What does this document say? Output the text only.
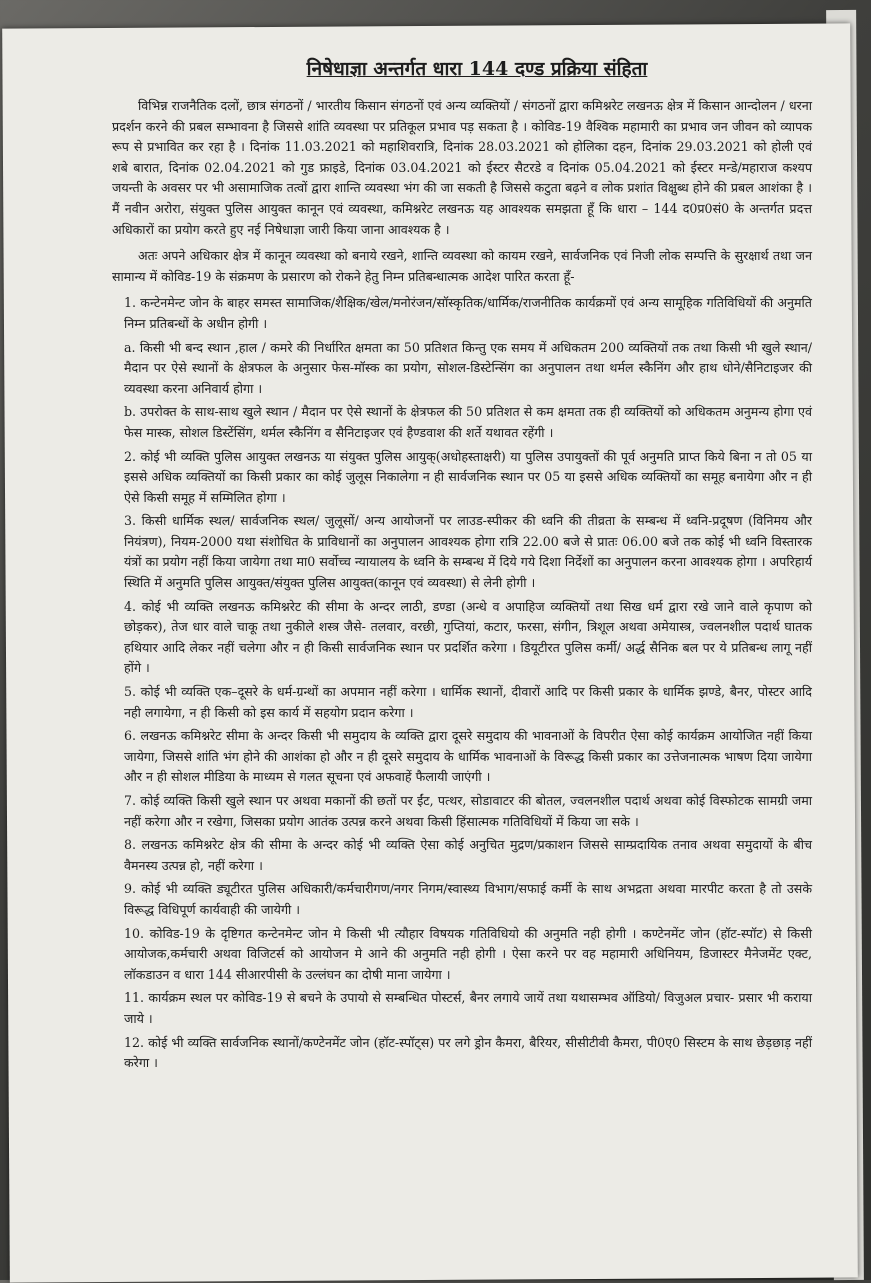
निषेधाज्ञा अन्तर्गत धारा 144 दण्ड प्रक्रिया संहिता

विभिन्न राजनैतिक दलों, छात्र संगठनों / भारतीय किसान संगठनों एवं अन्य व्यक्तियों / संगठनों द्वारा कमिश्नरेट लखनऊ क्षेत्र में किसान आन्दोलन / धरना प्रदर्शन करने की प्रबल सम्भावना है जिससे शांति व्यवस्था पर प्रतिकूल प्रभाव पड़ सकता है । कोविड-19 वैश्विक महामारी का प्रभाव जन जीवन को व्यापक रूप से प्रभावित कर रहा है । दिनांक 11.03.2021 को महाशिवरात्रि, दिनांक 28.03.2021 को होलिका दहन, दिनांक 29.03.2021 को होली एवं शबे बारात, दिनांक 02.04.2021 को गुड फ्राइडे, दिनांक 03.04.2021 को ईस्टर सैटरडे व दिनांक 05.04.2021 को ईस्टर मन्डे/महाराज कश्यप जयन्ती के अवसर पर भी असामाजिक तत्वों द्वारा शान्ति व्यवस्था भंग की जा सकती है जिससे कटुता बढ़ने व लोक प्रशांत विक्षुब्ध होने की प्रबल आशंका है । मैं नवीन अरोरा, संयुक्त पुलिस आयुक्त कानून एवं व्यवस्था, कमिश्नरेट लखनऊ यह आवश्यक समझता हूँ कि धारा – 144 द0प्र0सं0 के अन्तर्गत प्रदत्त अधिकारों का प्रयोग करते हुए नई निषेधाज्ञा जारी किया जाना आवश्यक है ।

अतः अपने अधिकार क्षेत्र में कानून व्यवस्था को बनाये रखने, शान्ति व्यवस्था को कायम रखने, सार्वजनिक एवं निजी लोक सम्पत्ति के सुरक्षार्थ तथा जन सामान्य में कोविड-19 के संक्रमण के प्रसारण को रोकने हेतु निम्न प्रतिबन्धात्मक आदेश पारित करता हूँ-

1. कन्टेनमेन्ट जोन के बाहर समस्त सामाजिक/शैक्षिक/खेल/मनोरंजन/सॉस्कृतिक/धार्मिक/राजनीतिक कार्यक्रमों एवं अन्य सामूहिक गतिविधियों की अनुमति निम्न प्रतिबन्धों के अधीन होगी ।

a. किसी भी बन्द स्थान ,हाल / कमरे की निर्धारित क्षमता का 50 प्रतिशत किन्तु एक समय में अधिकतम 200 व्यक्तियों तक तथा किसी भी खुले स्थान/मैदान पर ऐसे स्थानों के क्षेत्रफल के अनुसार फेस-मॉस्क का प्रयोग, सोशल-डिस्टेन्सिंग का अनुपालन तथा थर्मल स्कैनिंग और हाथ धोने/सैनिटाइजर की व्यवस्था करना अनिवार्य होगा ।

b. उपरोक्त के साथ-साथ खुले स्थान / मैदान पर ऐसे स्थानों के क्षेत्रफल की 50 प्रतिशत से कम क्षमता तक ही व्यक्तियों को अधिकतम अनुमन्य होगा एवं फेस मास्क, सोशल डिस्टेंसिंग, थर्मल स्कैनिंग व सैनिटाइजर एवं हैण्डवाश की शर्ते यथावत रहेंगी ।

2. कोई भी व्यक्ति पुलिस आयुक्त लखनऊ या संयुक्त पुलिस आयुक्(अधोहस्ताक्षरी) या पुलिस उपायुक्तों की पूर्व अनुमति प्राप्त किये बिना न तो 05 या इससे अधिक व्यक्तियों का किसी प्रकार का कोई जुलूस निकालेगा न ही सार्वजनिक स्थान पर 05 या इससे अधिक व्यक्तियों का समूह बनायेगा और न ही ऐसे किसी समूह में सम्मिलित होगा ।

3. किसी धार्मिक स्थल/ सार्वजनिक स्थल/ जुलूसों/ अन्य आयोजनों पर लाउड-स्पीकर की ध्वनि की तीव्रता के सम्बन्ध में ध्वनि-प्रदूषण (विनिमय और नियंत्रण), नियम-2000 यथा संशोधित के प्राविधानों का अनुपालन आवश्यक होगा रात्रि 22.00 बजे से प्रातः 06.00 बजे तक कोई भी ध्वनि विस्तारक यंत्रों का प्रयोग नहीं किया जायेगा तथा मा0 सर्वोच्च न्यायालय के ध्वनि के सम्बन्ध में दिये गये दिशा निर्देशों का अनुपालन करना आवश्यक होगा । अपरिहार्य स्थिति में अनुमति पुलिस आयुक्त/संयुक्त पुलिस आयुक्त(कानून एवं व्यवस्था) से लेनी होगी ।

4. कोई भी व्यक्ति लखनऊ कमिश्नरेट की सीमा के अन्दर लाठी, डण्डा (अन्धे व अपाहिज व्यक्तियों तथा सिख धर्म द्वारा रखे जाने वाले कृपाण को छोड़कर), तेज धार वाले चाकू तथा नुकीले शस्त्र जैसे- तलवार, वरछी, गुप्तियां, कटार, फरसा, संगीन, त्रिशूल अथवा अमेयास्त्र, ज्वलनशील पदार्थ घातक हथियार आदि लेकर नहीं चलेगा और न ही किसी सार्वजनिक स्थान पर प्रदर्शित करेगा । डियूटीरत पुलिस कर्मी/ अर्द्ध सैनिक बल पर ये प्रतिबन्ध लागू नहीं होंगे ।

5. कोई भी व्यक्ति एक–दूसरे के धर्म-ग्रन्थों का अपमान नहीं करेगा । धार्मिक स्थानों, दीवारों आदि पर किसी प्रकार के धार्मिक झण्डे, बैनर, पोस्टर आदि नही लगायेगा, न ही किसी को इस कार्य में सहयोग प्रदान करेगा ।

6. लखनऊ कमिश्नरेट सीमा के अन्दर किसी भी समुदाय के व्यक्ति द्वारा दूसरे समुदाय की भावनाओं के विपरीत ऐसा कोई कार्यक्रम आयोजित नहीं किया जायेगा, जिससे शांति भंग होने की आशंका हो और न ही दूसरे समुदाय के धार्मिक भावनाओं के विरूद्ध किसी प्रकार का उत्तेजनात्मक भाषण दिया जायेगा और न ही सोशल मीडिया के माध्यम से गलत सूचना एवं अफवाहें फैलायी जाएंगी ।

7. कोई व्यक्ति किसी खुले स्थान पर अथवा मकानों की छतों पर ईंट, पत्थर, सोडावाटर की बोतल, ज्वलनशील पदार्थ अथवा कोई विस्फोटक सामग्री जमा नहीं करेगा और न रखेगा, जिसका प्रयोग आतंक उत्पन्न करने अथवा किसी हिंसात्मक गतिविधियों में किया जा सके ।

8. लखनऊ कमिश्नरेट क्षेत्र की सीमा के अन्दर कोई भी व्यक्ति ऐसा कोई अनुचित मुद्रण/प्रकाशन जिससे साम्प्रदायिक तनाव अथवा समुदायों के बीच वैमनस्य उत्पन्न हो, नहीं करेगा ।

9. कोई भी व्यक्ति ड्यूटीरत पुलिस अधिकारी/कर्मचारीगण/नगर निगम/स्वास्थ्य विभाग/सफाई कर्मी के साथ अभद्रता अथवा मारपीट करता है तो उसके विरूद्ध विधिपूर्ण कार्यवाही की जायेगी ।

10. कोविड-19 के दृष्टिगत कन्टेनमेन्ट जोन मे किसी भी त्यौहार विषयक गतिविधियो की अनुमति नही होगी । कण्टेनमेंट जोन (हॉट-स्पॉट) से किसी आयोजक,कर्मचारी अथवा विजिटर्स को आयोजन मे आने की अनुमति नही होगी । ऐसा करने पर वह महामारी अधिनियम, डिजास्टर मैनेजमेंट एक्ट, लॉकडाउन व धारा 144 सीआरपीसी के उल्लंघन का दोषी माना जायेगा ।

11. कार्यक्रम स्थल पर कोविड-19 से बचने के उपायो से सम्बन्धित पोस्टर्स, बैनर लगाये जायें तथा यथासम्भव ऑडियो/ विजुअल प्रचार- प्रसार भी कराया जाये ।

12. कोई भी व्यक्ति सार्वजनिक स्थानों/कण्टेनमेंट जोन (हॉट-स्पॉट्स) पर लगे ड्रोन कैमरा, बैरियर, सीसीटीवी कैमरा, पी0ए0 सिस्टम के साथ छेड़छाड़ नहीं करेगा ।
